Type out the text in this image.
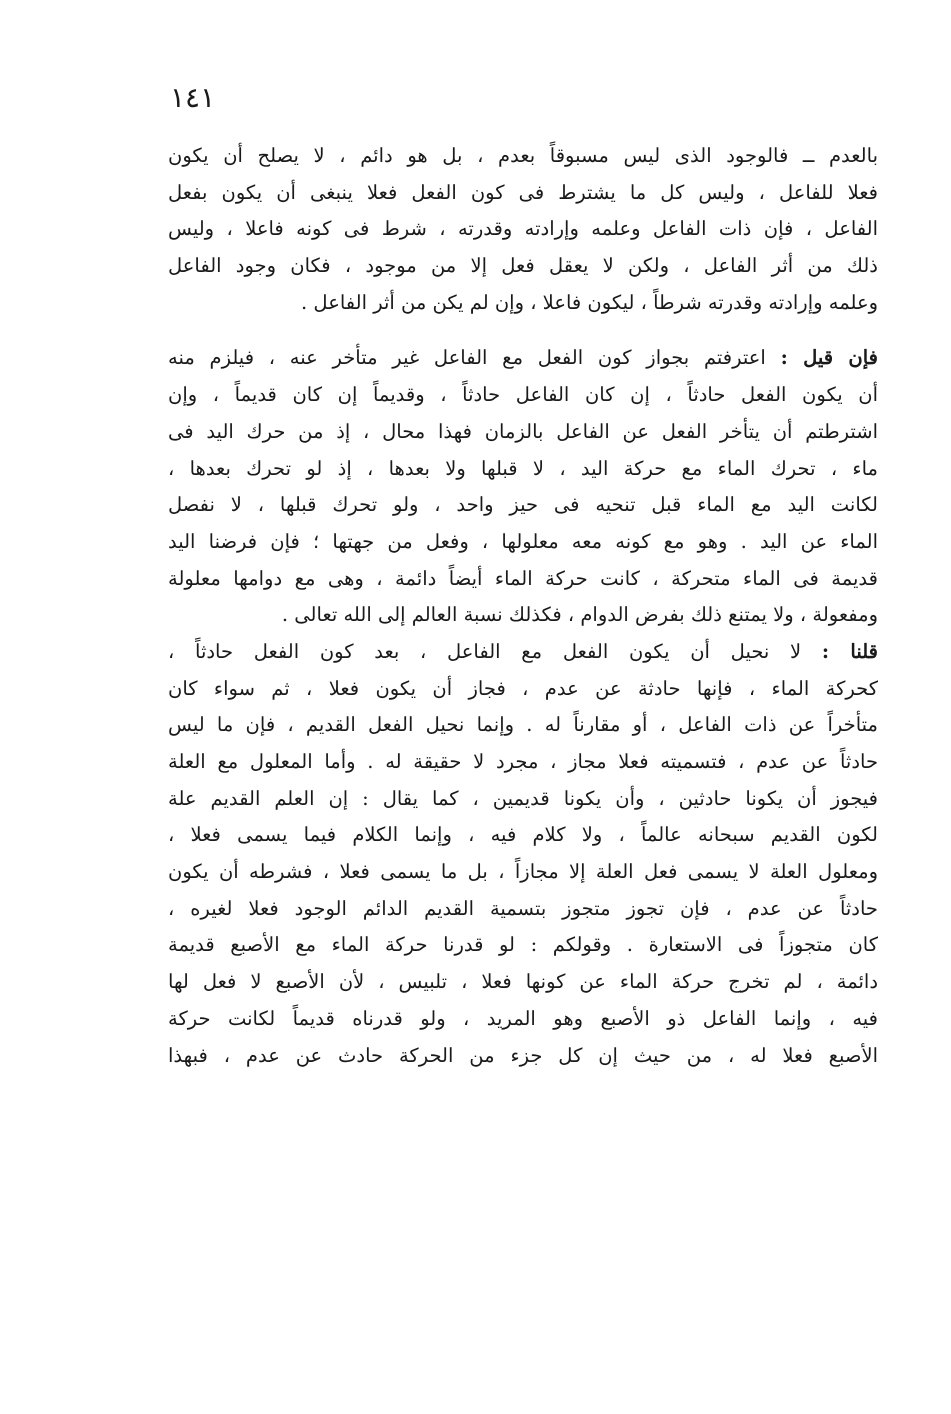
١٤١
بالعدم ــ فالوجود الذى ليس مسبوقاً بعدم ، بل هو دائم ، لا يصلح أن يكون
فعلا للفاعل ، وليس كل ما يشترط فى كون الفعل فعلا ينبغى أن يكون بفعل
الفاعل ، فإن ذات الفاعل وعلمه وإرادته وقدرته ، شرط فى كونه فاعلا ، وليس
ذلك من أثر الفاعل ، ولكن لا يعقل فعل إلا من موجود ، فكان وجود الفاعل
وعلمه وإرادته وقدرته شرطاً ، ليكون فاعلا ، وإن لم يكن من أثر الفاعل .
فإن قيل : اعترفتم بجواز كون الفعل مع الفاعل غير متأخر عنه ، فيلزم منه
أن يكون الفعل حادثاً ، إن كان الفاعل حادثاً ، وقديماً إن كان قديماً ، وإن
اشترطتم أن يتأخر الفعل عن الفاعل بالزمان فهذا محال ، إذ من حرك اليد فى
ماء ، تحرك الماء مع حركة اليد ، لا قبلها ولا بعدها ، إذ لو تحرك بعدها ،
لكانت اليد مع الماء قبل تنحيه فى حيز واحد ، ولو تحرك قبلها ، لا نفصل
الماء عن اليد . وهو مع كونه معه معلولها ، وفعل من جهتها ؛ فإن فرضنا اليد
قديمة فى الماء متحركة ، كانت حركة الماء أيضاً دائمة ، وهى مع دوامها معلولة
ومفعولة ، ولا يمتنع ذلك بفرض الدوام ، فكذلك نسبة العالم إلى الله تعالى .
قلنا : لا نحيل أن يكون الفعل مع الفاعل ، بعد كون الفعل حادثاً ،
كحركة الماء ، فإنها حادثة عن عدم ، فجاز أن يكون فعلا ، ثم سواء كان
متأخراً عن ذات الفاعل ، أو مقارناً له . وإنما نحيل الفعل القديم ، فإن ما ليس
حادثاً عن عدم ، فتسميته فعلا مجاز ، مجرد لا حقيقة له . وأما المعلول مع العلة
فيجوز أن يكونا حادثين ، وأن يكونا قديمين ، كما يقال : إن العلم القديم علة
لكون القديم سبحانه عالماً ، ولا كلام فيه ، وإنما الكلام فيما يسمى فعلا ،
ومعلول العلة لا يسمى فعل العلة إلا مجازاً ، بل ما يسمى فعلا ، فشرطه أن يكون
حادثاً عن عدم ، فإن تجوز متجوز بتسمية القديم الدائم الوجود فعلا لغيره ،
كان متجوزاً فى الاستعارة . وقولكم : لو قدرنا حركة الماء مع الأصبع قديمة
دائمة ، لم تخرج حركة الماء عن كونها فعلا ، تلبيس ، لأن الأصبع لا فعل لها
فيه ، وإنما الفاعل ذو الأصبع وهو المريد ، ولو قدرناه قديماً لكانت حركة
الأصبع فعلا له ، من حيث إن كل جزء من الحركة حادث عن عدم ، فبهذا
